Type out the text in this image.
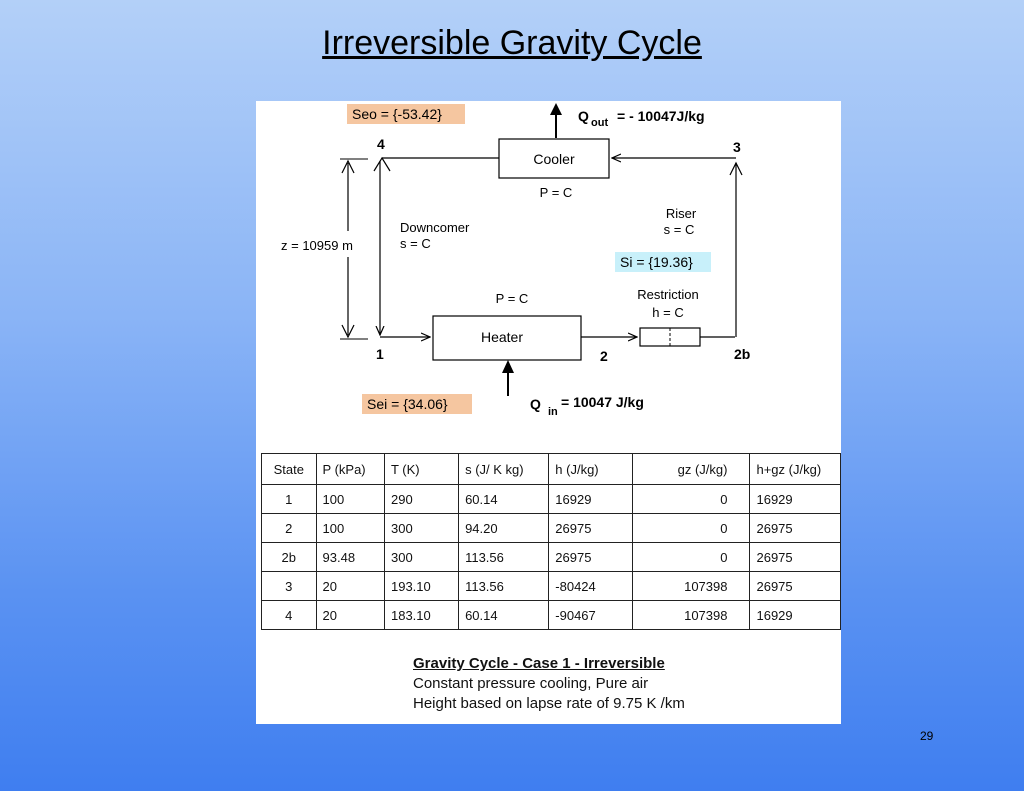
Irreversible Gravity Cycle
Seo = {-53.42}	Q out = - 10047J/kg
Cooler
P = C
4	3
z = 10959 m
Downcomer
s = C
Riser
s = C
Si = {19.36}
P = C	Restriction
h = C
Heater
1	2	2b
Sei = {34.06}	Q in
= 10047 J/kg
State	P (kPa)	T (K)	s (J/ K kg)	h (J/kg)	gz (J/kg)	h+gz (J/kg)
1	100	290	60.14	16929	0	16929
2	100	300	94.20	26975	0	26975
2b	93.48	300	113.56	26975	0	26975
3	20	193.10	113.56	-80424	107398	26975
4	20	183.10	60.14	-90467	107398	16929
Gravity Cycle - Case 1 - Irreversible
Constant pressure cooling, Pure air
Height based on lapse rate of 9.75 K /km
29
